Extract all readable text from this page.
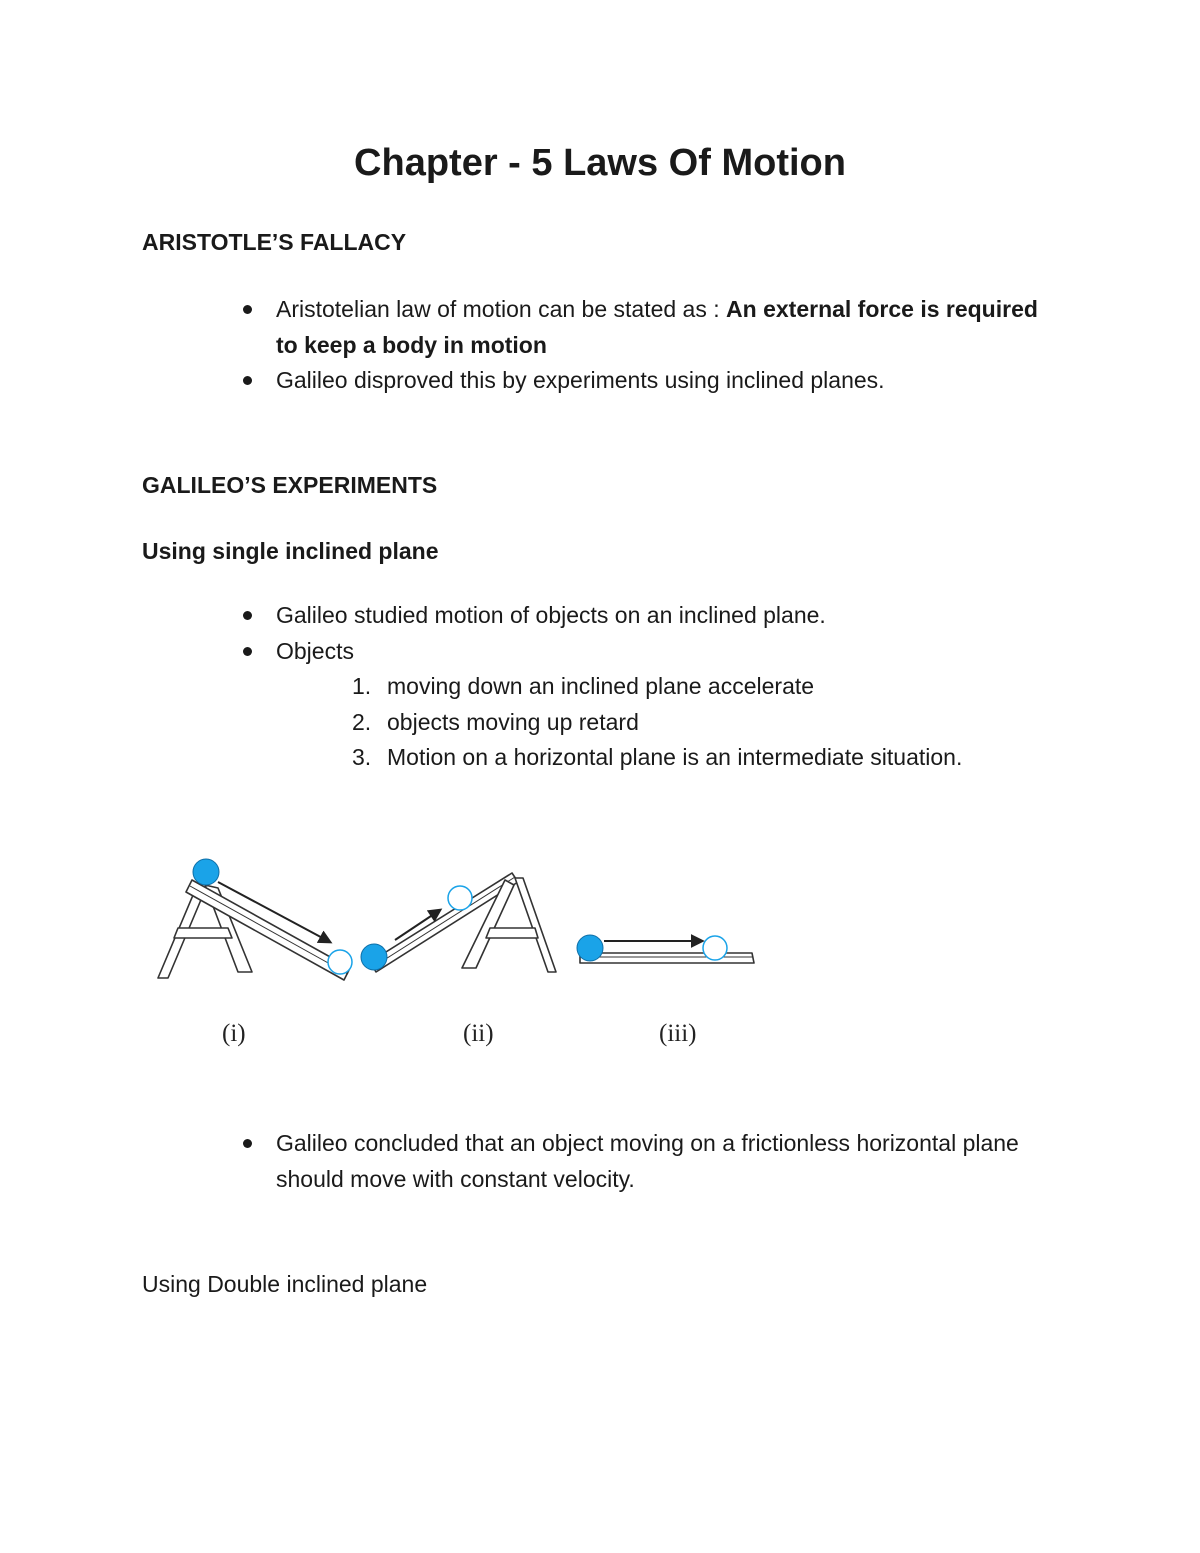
Chapter - 5 Laws Of Motion
ARISTOTLE’S FALLACY
Aristotelian law of motion can be stated as : An external force is required to keep a body in motion
Galileo disproved this by experiments using inclined planes.
GALILEO’S EXPERIMENTS
Using single inclined plane
Galileo studied motion of objects on an inclined plane.
Objects
1. moving down an inclined plane accelerate
2. objects moving up retard
3. Motion on a horizontal plane is an intermediate situation.
(i)	(ii)	(iii)
Galileo concluded that an object moving on a frictionless horizontal plane should move with constant velocity.
Using Double inclined plane
